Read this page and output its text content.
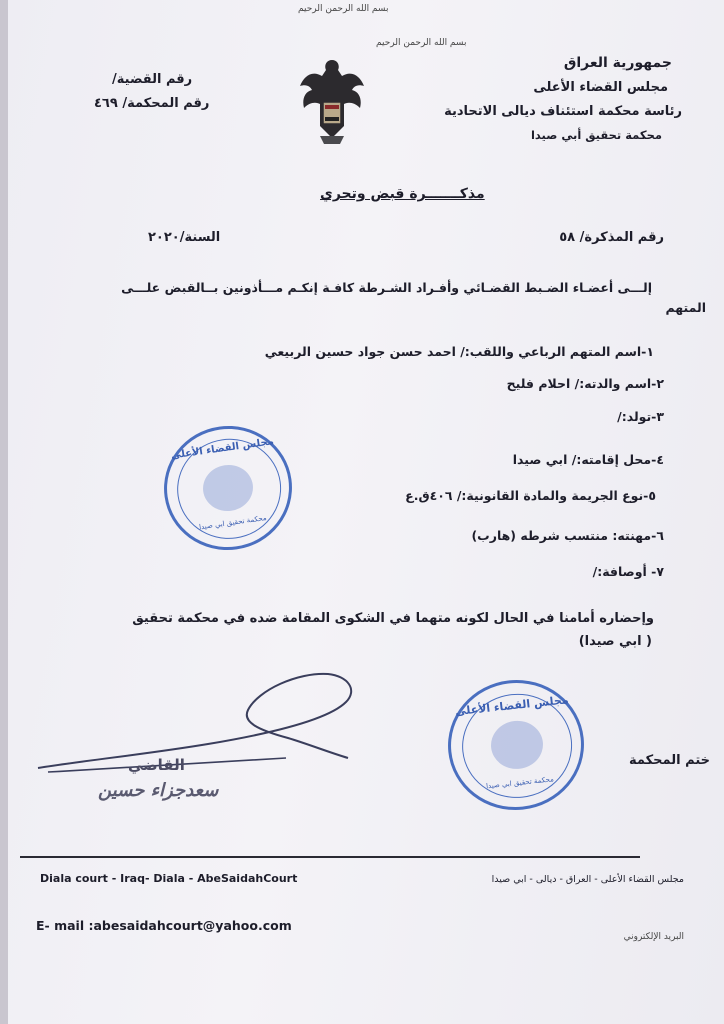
بسم الله الرحمن الرحيم
بسم الله الرحمن الرحيم
جمهورية العراق
مجلس القضاء الأعلى
رئاسة محكمة استئناف ديالى الاتحادية
محكمة تحقيق أبي صيدا
رقم القضية/
رقم المحكمة/ ٤٦٩
مذكـــــــرة قبض وتحري
رقم المذكرة/ ٥٨
السنة/٢٠٢٠
إلـــى أعضـاء الضـبط القضـائي وأفـراد الشـرطة كافـة إنكـم مـــأذونين بــالقبض علـــى
المتهم
١-اسم المتهم الرباعي واللقب:/ احمد حسن جواد حسين الربيعي
٢-اسم والدته:/ احلام فليح
٣-تولد:/
٤-محل إقامته:/ ابي صيدا
٥-نوع الجريمة والمادة القانونية:/ ٤٠٦ق.ع
٦-مهنته: منتسب شرطه (هارب)
٧- أوصافة:/
وإحضاره أمامنا في الحال لكونه متهما في الشكوى المقامة ضده في محكمة تحقيق
( ابي صيدا)
مجلس القضاء الأعلى
محكمة تحقيق ابي صيدا
مجلس القضاء الأعلى
محكمة تحقيق ابي صيدا
ختم المحكمة
القاضي
سعدجزاء حسين
Diala court - Iraq- Diala - AbeSaidahCourt	مجلس القضاء الأعلى - العراق - ديالى - ابي صيدا
E- mail :abesaidahcourt@yahoo.com
البريد الإلكتروني
